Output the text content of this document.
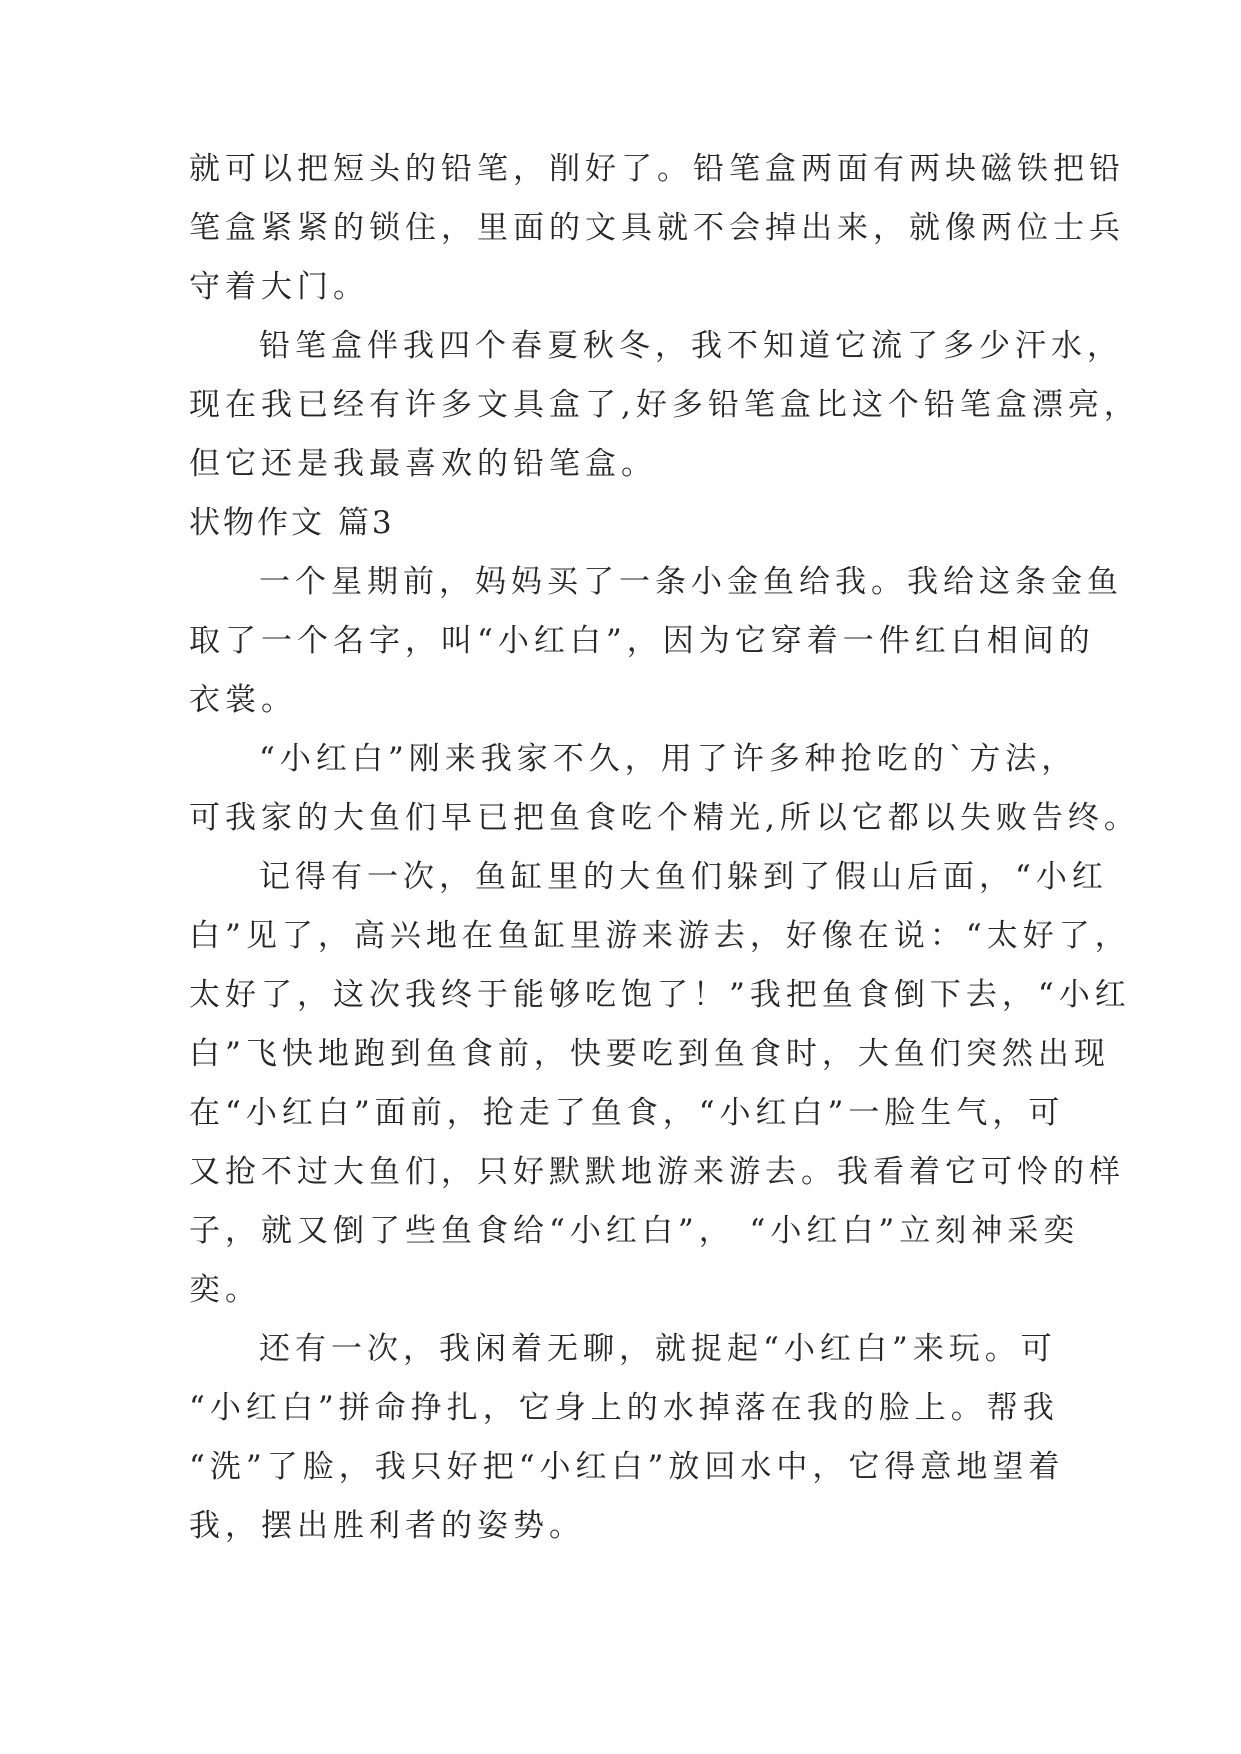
就可以把短头的铅笔，削好了。铅笔盒两面有两块磁铁把铅
笔盒紧紧的锁住，里面的文具就不会掉出来，就像两位士兵
守着大门。
铅笔盒伴我四个春夏秋冬，我不知道它流了多少汗水，
现在我已经有许多文具盒了,好多铅笔盒比这个铅笔盒漂亮，
但它还是我最喜欢的铅笔盒。
状物作文 篇3
一个星期前，妈妈买了一条小金鱼给我。我给这条金鱼
取了一个名字，叫“小红白”，因为它穿着一件红白相间的
衣裳。
“小红白”刚来我家不久，用了许多种抢吃的`方法，
可我家的大鱼们早已把鱼食吃个精光,所以它都以失败告终。
记得有一次，鱼缸里的大鱼们躲到了假山后面，“小红
白”见了，高兴地在鱼缸里游来游去，好像在说：“太好了，
太好了，这次我终于能够吃饱了！”我把鱼食倒下去，“小红
白”飞快地跑到鱼食前，快要吃到鱼食时，大鱼们突然出现
在“小红白”面前，抢走了鱼食，“小红白”一脸生气，可
又抢不过大鱼们，只好默默地游来游去。我看着它可怜的样
子，就又倒了些鱼食给“小红白”， “小红白”立刻神采奕
奕。
还有一次，我闲着无聊，就捉起“小红白”来玩。可
“小红白”拼命挣扎，它身上的水掉落在我的脸上。帮我
“洗”了脸，我只好把“小红白”放回水中，它得意地望着
我，摆出胜利者的姿势。
